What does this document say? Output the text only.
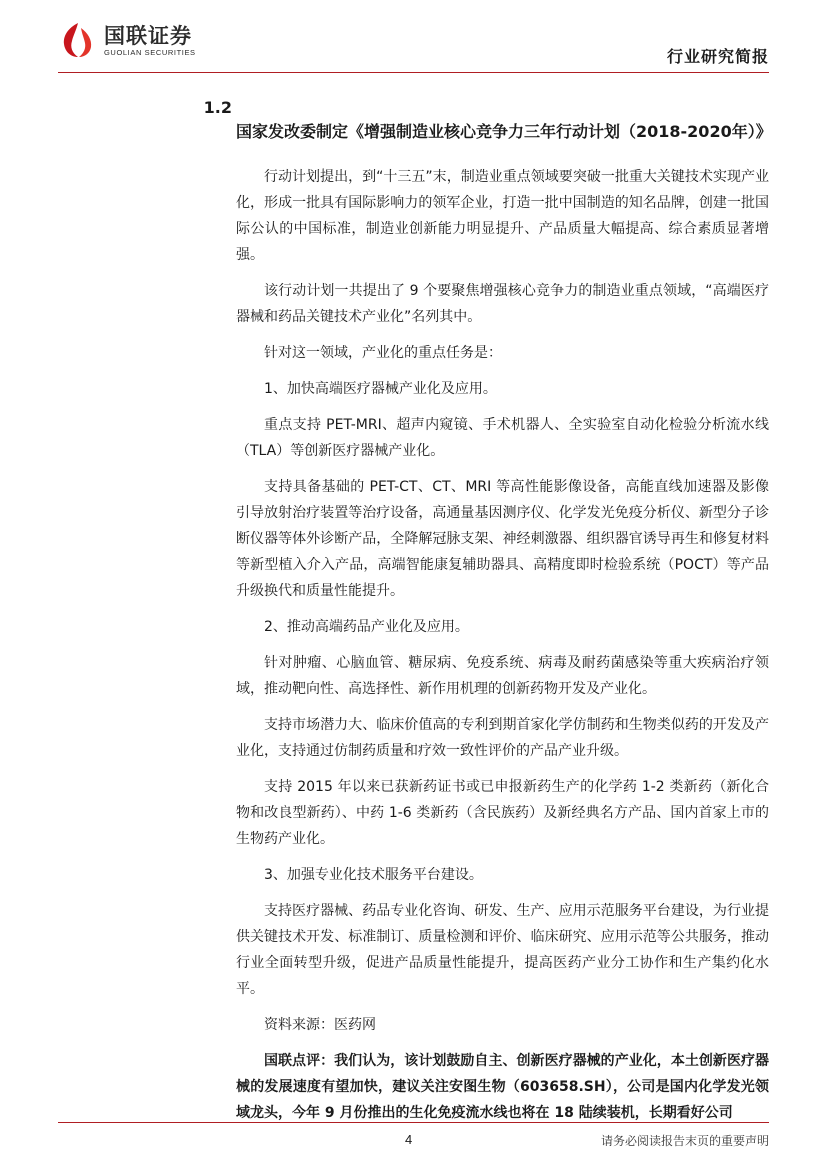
国联证券
GUOLIAN SECURITIES	行业研究简报
1.2国家发改委制定《增强制造业核心竞争力三年行动计划（2018-2020年）》

行动计划提出，到“十三五”末，制造业重点领域要突破一批重大关键技术实现产业化，形成一批具有国际影响力的领军企业，打造一批中国制造的知名品牌，创建一批国际公认的中国标准，制造业创新能力明显提升、产品质量大幅提高、综合素质显著增强。

该行动计划一共提出了 9 个要聚焦增强核心竞争力的制造业重点领域，“高端医疗器械和药品关键技术产业化”名列其中。

针对这一领域，产业化的重点任务是：

1、加快高端医疗器械产业化及应用。

重点支持 PET-MRI、超声内窥镜、手术机器人、全实验室自动化检验分析流水线（TLA）等创新医疗器械产业化。

支持具备基础的 PET-CT、CT、MRI 等高性能影像设备，高能直线加速器及影像引导放射治疗装置等治疗设备，高通量基因测序仪、化学发光免疫分析仪、新型分子诊断仪器等体外诊断产品，全降解冠脉支架、神经刺激器、组织器官诱导再生和修复材料等新型植入介入产品，高端智能康复辅助器具、高精度即时检验系统（POCT）等产品升级换代和质量性能提升。

2、推动高端药品产业化及应用。

针对肿瘤、心脑血管、糖尿病、免疫系统、病毒及耐药菌感染等重大疾病治疗领域，推动靶向性、高选择性、新作用机理的创新药物开发及产业化。

支持市场潜力大、临床价值高的专利到期首家化学仿制药和生物类似药的开发及产业化，支持通过仿制药质量和疗效一致性评价的产品产业升级。

支持 2015 年以来已获新药证书或已申报新药生产的化学药 1-2 类新药（新化合物和改良型新药）、中药 1-6 类新药（含民族药）及新经典名方产品、国内首家上市的生物药产业化。

3、加强专业化技术服务平台建设。

支持医疗器械、药品专业化咨询、研发、生产、应用示范服务平台建设，为行业提供关键技术开发、标准制订、质量检测和评价、临床研究、应用示范等公共服务，推动行业全面转型升级，促进产品质量性能提升，提高医药产业分工协作和生产集约化水平。

资料来源：医药网

国联点评：我们认为，该计划鼓励自主、创新医疗器械的产业化，本土创新医疗器械的发展速度有望加快，建议关注安图生物（603658.SH），公司是国内化学发光领域龙头，今年 9 月份推出的生化免疫流水线也将在 18 陆续装机，长期看好公司

4	请务必阅读报告末页的重要声明
